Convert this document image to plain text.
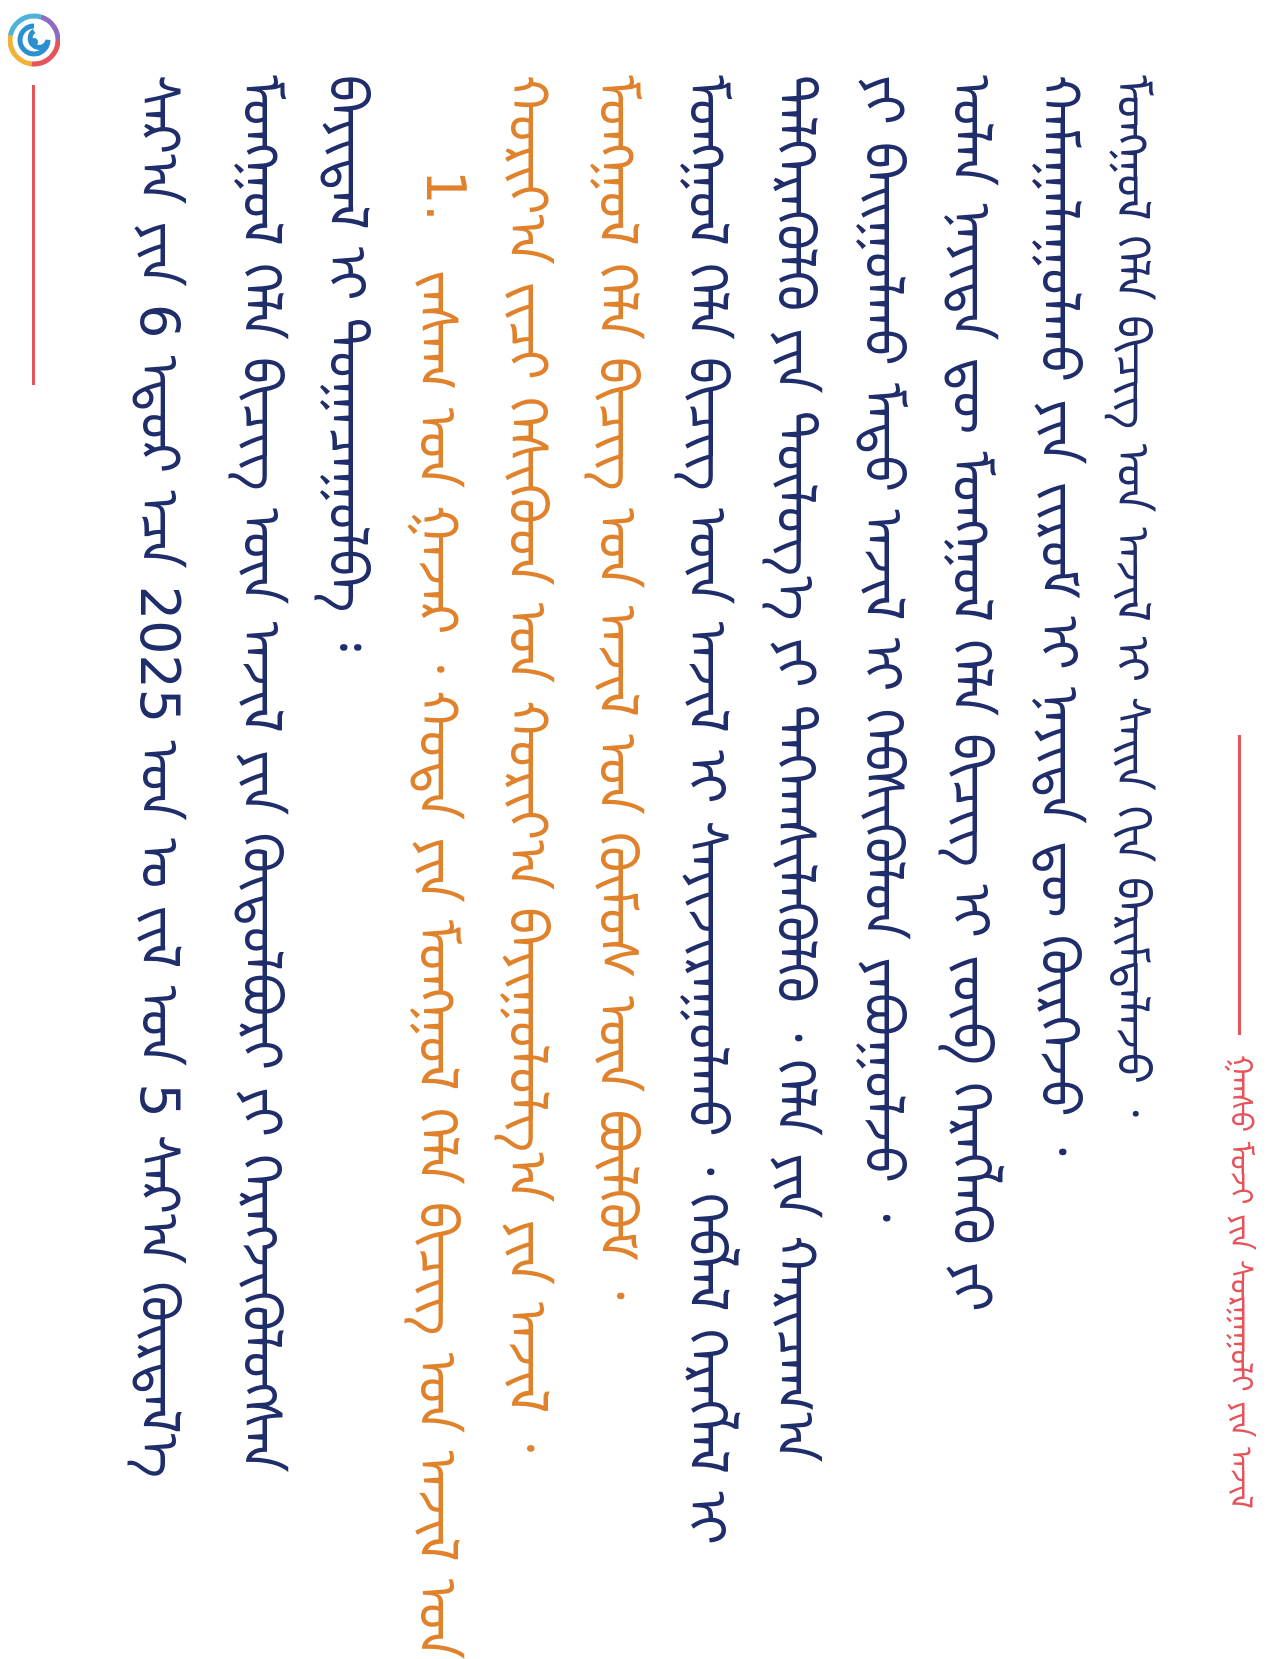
ᠭᠠᠨᠰᠤ ᠮᠤᠵᠢ ᠶᠢᠨ ᠰᠤᠷᠭᠠᠭᠤᠯᠢ ᠶᠢᠨ ᠠᠵᠢᠯ
ᠰᠠᠷ᠎ᠠ ᠶᠢᠨ 6 ᠡᠳᠦᠷ ᠡᠴᠡ 2025 ᠣᠨ ᠤ ᠵᠢᠯ ᠤᠨ 5 ᠰᠠᠷ᠎ᠠ ᠬᠦᠷᠲᠡᠯ᠎ᠡ ᠮᠣᠩᠭᠣᠯ ᠬᠡᠯᠡ ᠪᠢᠴᠢᠭ ᠦᠨ ᠠᠵᠢᠯ ᠶᠢᠨ ᠬᠥᠲᠥᠯᠪᠦᠷᠢ ᠶᠢ ᠬᠡᠷᠡᠭᠵᠢᠭᠦᠯᠦᠭᠰᠡᠨ ᠪᠠᠶᠢᠳᠠᠯ ᠢ ᠲᠣᠭᠠᠴᠠᠭᠤᠯᠪᠠ ᠄ 1.
ᠵᠠᠰᠠᠭ ᠤᠨ ᠭᠠᠵᠠᠷ ᠂ ᠬᠣᠲᠠ ᠶᠢᠨ ᠮᠣᠩᠭᠣᠯ ᠬᠡᠯᠡ ᠪᠢᠴᠢᠭ ᠤᠨ ᠠᠵᠢᠯ ᠤᠨ ᠬᠣᠷᠢᠶ᠎ᠠ ᠵᠢᠴᠢ ᠭᠡᠰᠢᠭᠦᠳ ᠤᠨ ᠬᠣᠷᠢᠶ᠎ᠠ ᠪᠠᠶᠢᠭᠤᠯᠤᠯᠭ᠎ᠠ ᠶᠢᠨ ᠠᠵᠢᠯ ᠂ ᠮᠣᠩᠭᠣᠯ ᠬᠡᠯᠡ ᠪᠢᠴᠢᠭ ᠤᠨ ᠠᠵᠢᠯ ᠤᠨ ᠬᠦᠮᠦᠰ ᠦᠨ ᠪᠦᠯᠭᠦᠮ ᠂ ᠮᠣᠩᠭᠣᠯ ᠬᠡᠯᠡ ᠪᠢᠴᠢᠭ ᠦᠨ ᠠᠵᠢᠯ ᠢ ᠰᠠᠶᠢᠵᠢᠷᠠᠭᠤᠯᠬᠤ ᠂ ᠬᠡᠪᠯᠡᠯ ᠬᠡᠷᠡᠭᠯᠡᠯ ᠢ ᠳᠡᠯᠭᠡᠷᠡᠭᠦᠯᠬᠦ ᠶᠢᠨ ᠲᠥᠯᠦᠭ᠎ᠡ ᠶᠢ ᠳᠡᠭᠡᠭ᠍ᠰᠢᠯᠡᠭᠦᠯᠬᠦ ᠂ ᠬᠡᠯᠡ ᠶᠢᠨ ᠬᠠᠷᠢᠴᠠᠭ᠎ᠠ ᠶᠢ ᠪᠠᠢᠭᠤᠯᠬᠤ ᠮᠡᠲᠦ ᠠᠵᠢᠯ ᠢ ᠬᠡᠪᠰᠢᠭᠦᠯᠦᠨ ᠶᠠᠪᠤᠭᠤᠯᠵᠤ ᠂ ᠣᠯᠠᠨ ᠨᠡᠶᠢᠲᠡ ᠳᠦ ᠮᠣᠩᠭᠣᠯ ᠬᠡᠯᠡ ᠪᠢᠴᠢᠭ ᠢ ᠵᠥᠪ ᠬᠡᠷᠡᠭᠯᠡᠬᠦ ᠶᠢ ᠬᠠᠮᠠᠭᠠᠯᠠᠭᠤᠯᠬᠤ ᠶᠢᠨ ᠵᠢᠷᠤᠮ ᠢ ᠨᠡᠶᠢᠲᠡ ᠳᠦ ᠬᠦᠷᠭᠡᠵᠦ ᠂ ᠮᠣᠩᠭᠣᠯ ᠬᠡᠯᠡ ᠪᠢᠴᠢᠭ ᠤᠨ ᠠᠵᠢᠯ ᠢ ᠰᠠᠢᠨ ᠬᠢᠨ ᠪᠠᠷᠢᠮᠲᠠᠯᠠᠵᠤ ᠂
